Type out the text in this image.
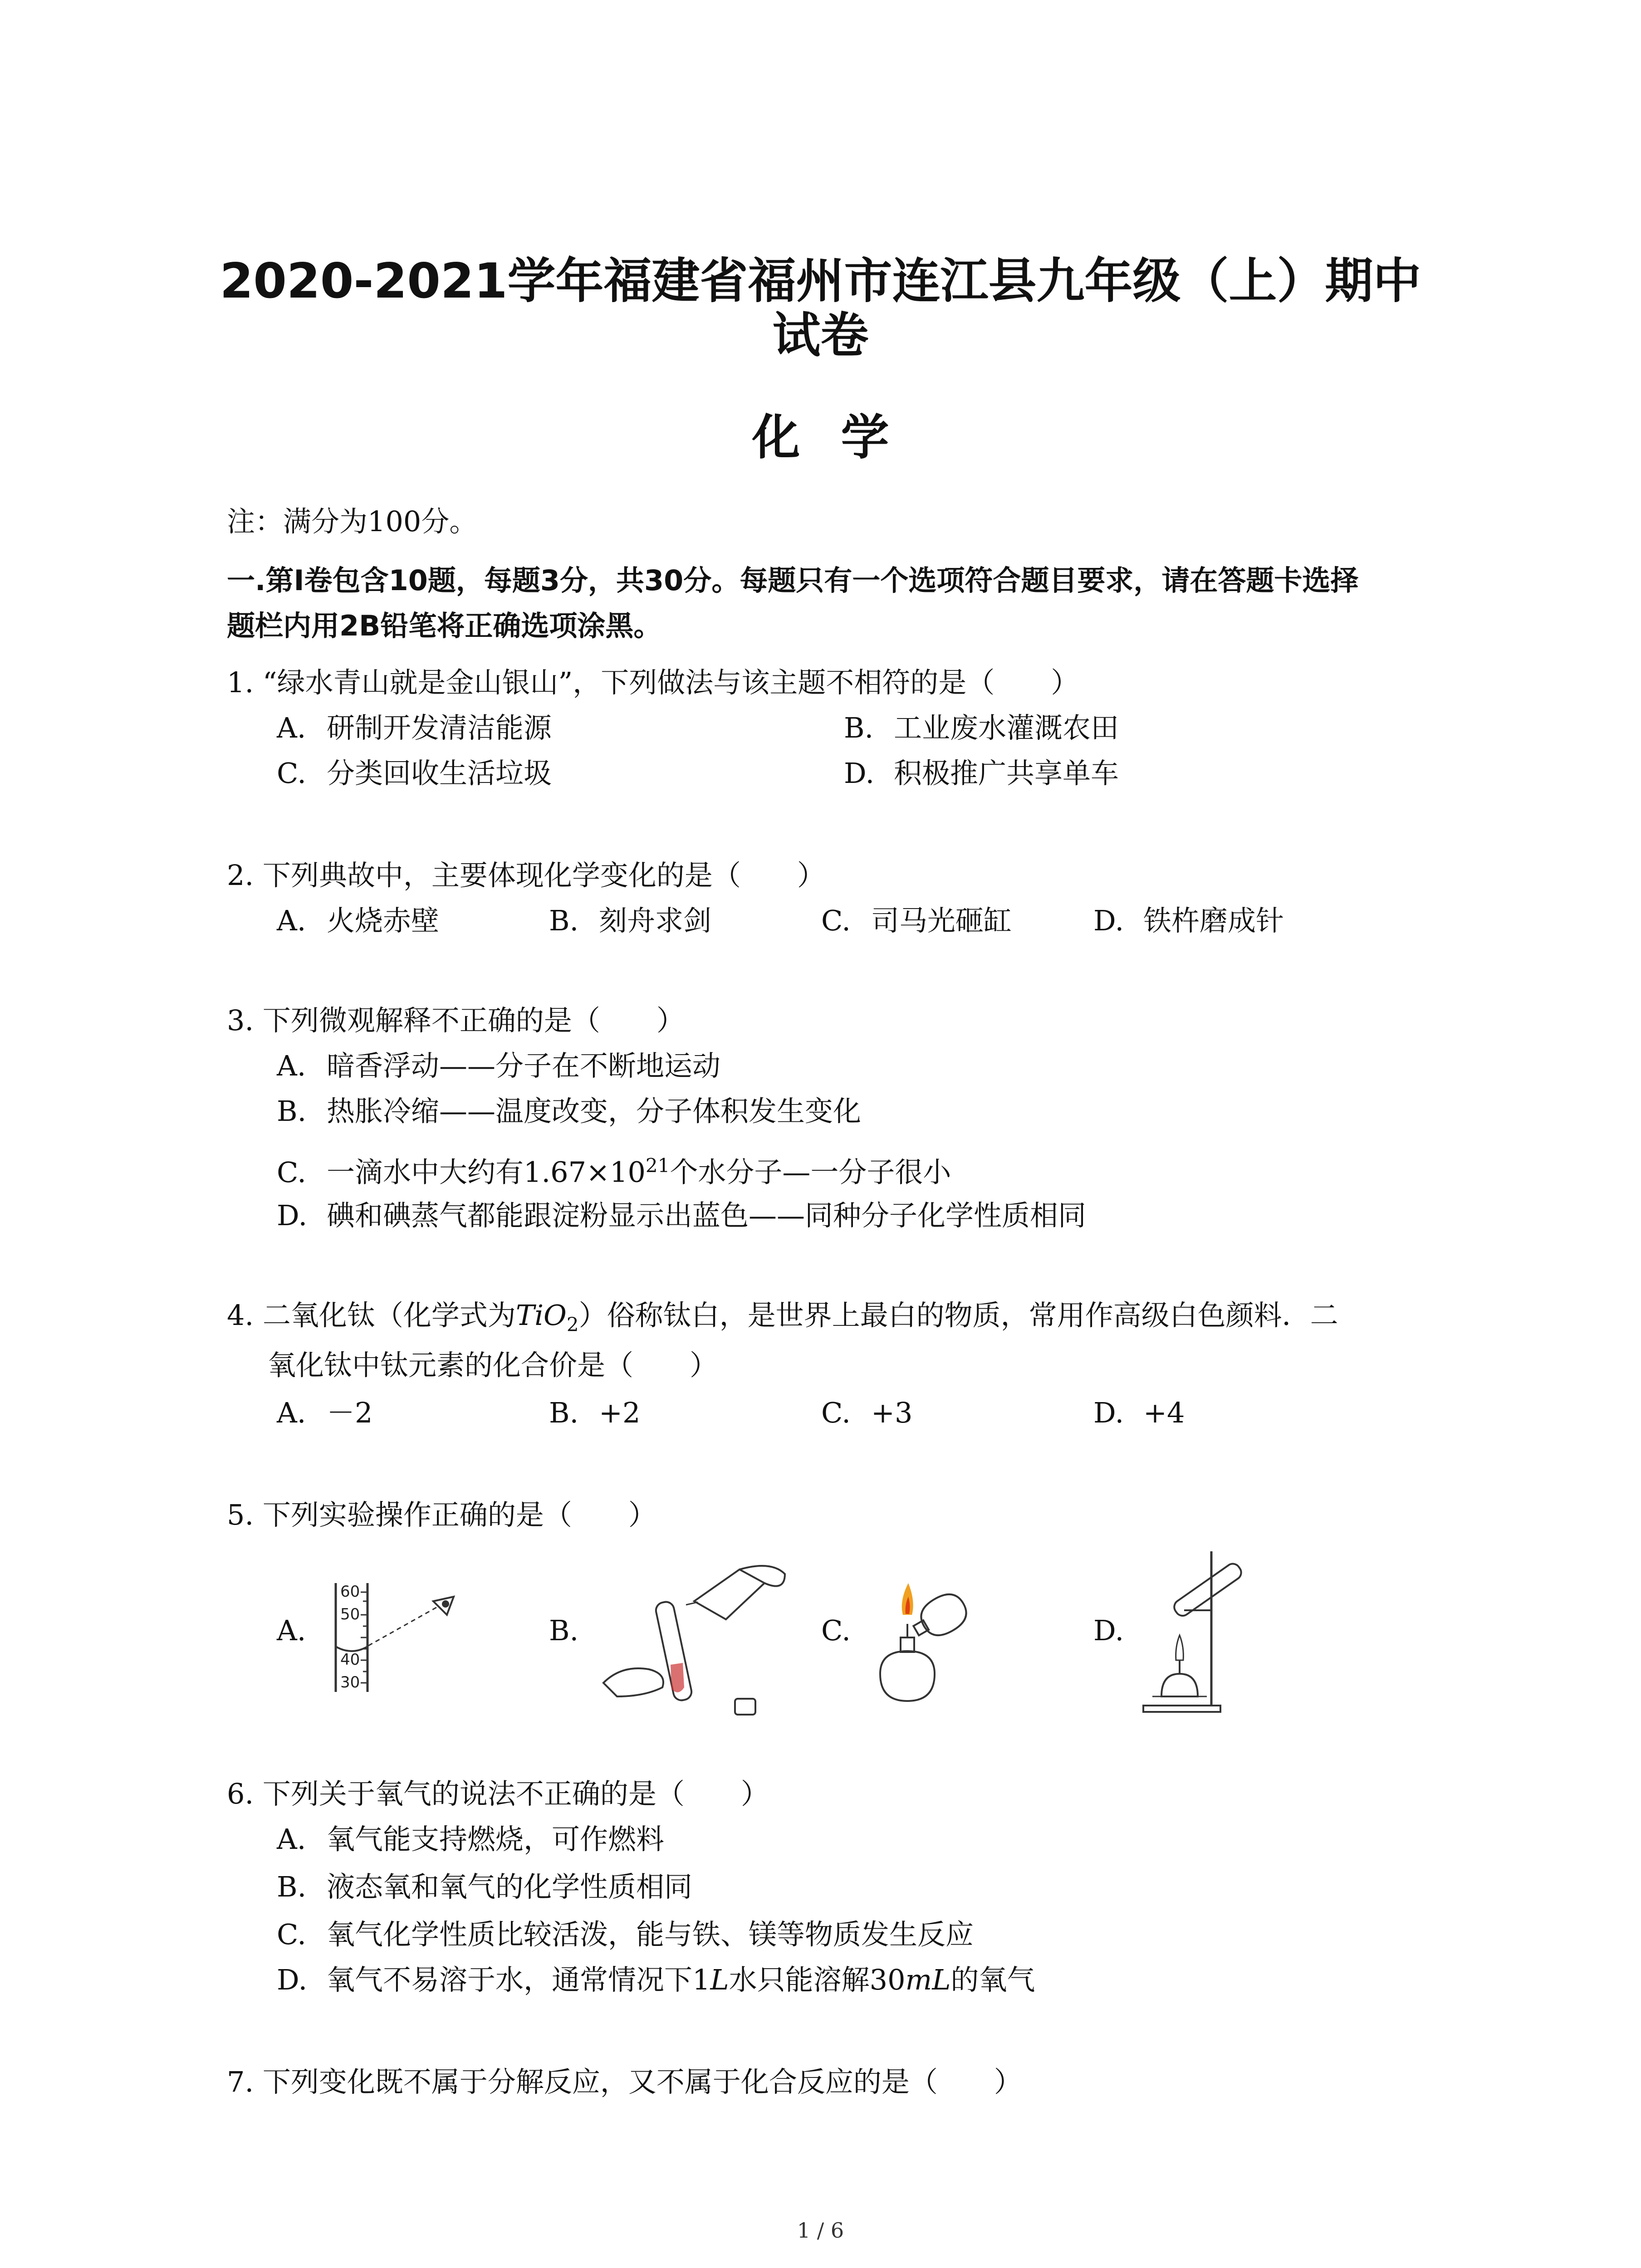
2020-2021学年福建省福州市连江县九年级（上）期中
试卷
化学
注：满分为100分。
一.第Ⅰ卷包含10题，每题3分，共30分。每题只有一个选项符合题目要求，请在答题卡选择
题栏内用2B铅笔将正确选项涂黑。
1. “绿水青山就是金山银山”，下列做法与该主题不相符的是（　　）
A. 研制开发清洁能源	B. 工业废水灌溉农田
C. 分类回收生活垃圾	D. 积极推广共享单车
2. 下列典故中，主要体现化学变化的是（　　）
A. 火烧赤壁	B. 刻舟求剑	C. 司马光砸缸	D. 铁杵磨成针
3. 下列微观解释不正确的是（　　）
A. 暗香浮动——分子在不断地运动
B. 热胀冷缩——温度改变，分子体积发生变化
C. 一滴水中大约有$1.67\times 10^{21}$个水分子—一分子很小
D. 碘和碘蒸气都能跟淀粉显示出蓝色——同种分子化学性质相同
4. 二氧化钛（化学式为TiO$_2$）俗称钛白，是世界上最白的物质，常用作高级白色颜料．二
氧化钛中钛元素的化合价是（　　）
A. －2	B. +2	C. +3	D. +4
5. 下列实验操作正确的是（　　）
A.
60
50
40
30
B.	C.	D.
6. 下列关于氧气的说法不正确的是（　　）
A. 氧气能支持燃烧，可作燃料
B. 液态氧和氧气的化学性质相同
C. 氧气化学性质比较活泼，能与铁、镁等物质发生反应
D. 氧气不易溶于水，通常情况下1L水只能溶解30mL的氧气
7. 下列变化既不属于分解反应，又不属于化合反应的是（　　）
1 / 6
